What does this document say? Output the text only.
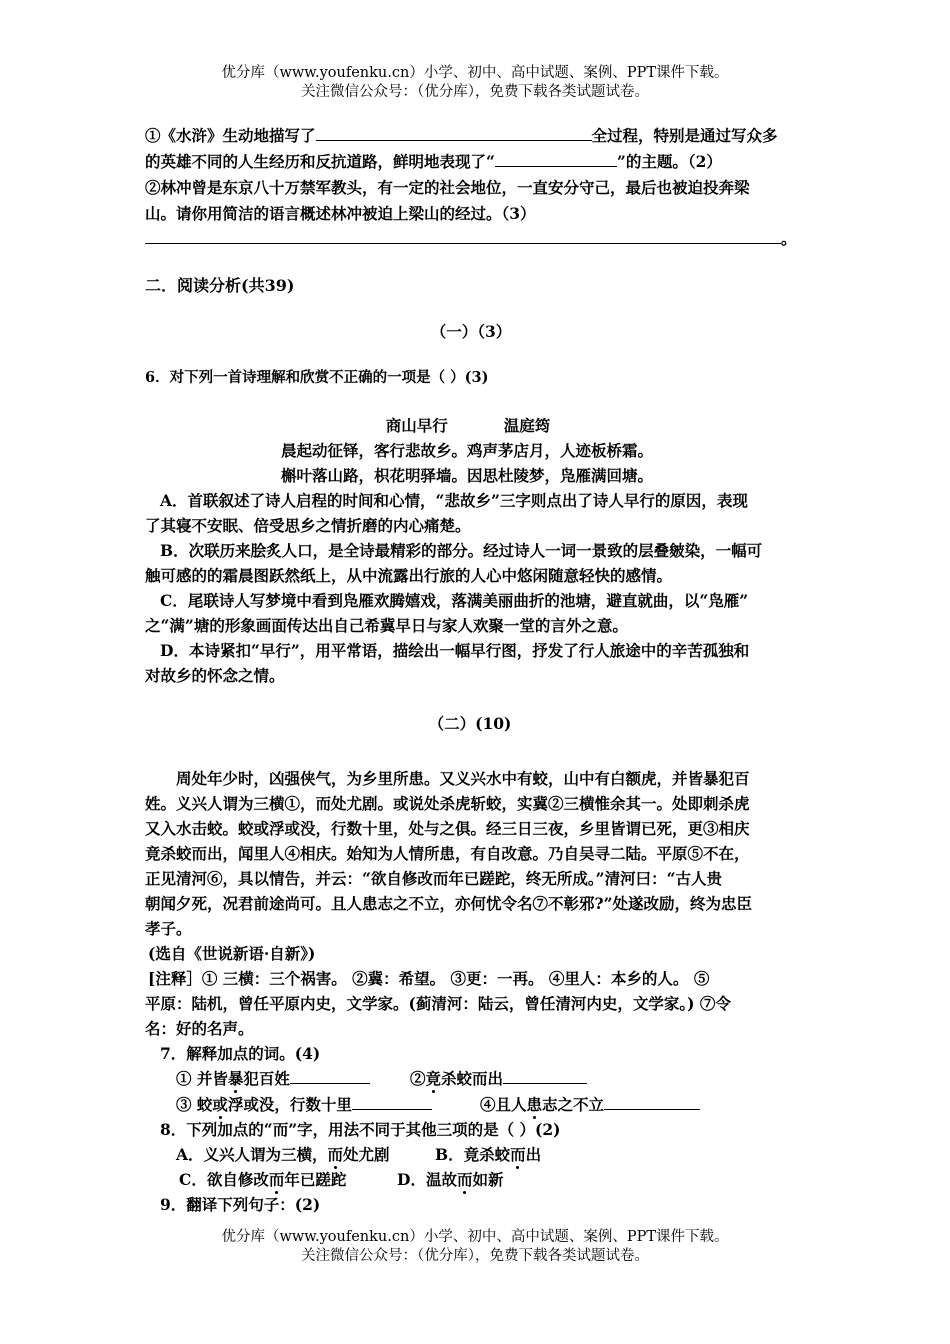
优分库（www.youfenku.cn）小学、初中、高中试题、案例、PPT课件下载。
关注微信公众号：（优分库），免费下载各类试题试卷。
①《水浒》生动地描写了	全过程，特别是通过写众多
的英雄不同的人生经历和反抗道路，鲜明地表现了“	”的主题。（2）
②林冲曾是东京八十万禁军教头，有一定的社会地位，一直安分守己，最后也被迫投奔梁
山。请你用简洁的语言概述林冲被迫上梁山的经过。（3）
。
二．阅读分析(共39)
（一）（3）
6．对下列一首诗理解和欣赏不正确的一项是（ ）(3)
商山早行	温庭筠
晨起动征铎，客行悲故乡。鸡声茅店月，人迹板桥霜。
槲叶落山路，枳花明驿墙。因思杜陵梦，凫雁满回塘。
A．首联叙述了诗人启程的时间和心情，“悲故乡”三字则点出了诗人早行的原因，表现
了其寝不安眠、倍受思乡之情折磨的内心痛楚。
B．次联历来脍炙人口，是全诗最精彩的部分。经过诗人一词一景致的层叠皴染，一幅可
触可感的的霜晨图跃然纸上，从中流露出行旅的人心中悠闲随意轻快的感情。
C．尾联诗人写梦境中看到凫雁欢腾嬉戏，落满美丽曲折的池塘，避直就曲，以“凫雁”
之“满”塘的形象画面传达出自己希冀早日与家人欢聚一堂的言外之意。
D．本诗紧扣“早行”，用平常语，描绘出一幅早行图，抒发了行人旅途中的辛苦孤独和
对故乡的怀念之情。
（二）(10)
周处年少时，凶强侠气，为乡里所患。又义兴水中有蛟，山中有白额虎，并皆暴犯百
姓。义兴人谓为三横①，而处尤剧。或说处杀虎斩蛟，实冀②三横惟余其一。处即刺杀虎
又入水击蛟。蛟或浮或没，行数十里，处与之俱。经三日三夜，乡里皆谓已死，更③相庆
竟杀蛟而出，闻里人④相庆。始知为人情所患，有自改意。乃自吴寻二陆。平原⑤不在，
正见清河⑥，具以情告，并云：“欲自修改而年已蹉跎，终无所成。”清河曰：“古人贵
朝闻夕死，况君前途尚可。且人患志之不立，亦何忧令名⑦不彰邪?”处遂改励，终为忠臣
孝子。
(选自《世说新语·自新》)
[注释］① 三横：三个祸害。 ②冀：希望。 ③更：一再。 ④里人：本乡的人。 ⑤
平原：陆机，曾任平原内史，文学家。(蓟清河：陆云，曾任清河内史，文学家。) ⑦令
名：好的名声。
7．解释加点的词。(4)
① 并皆暴犯百姓	②竟杀蛟而出
③ 蛟或浮或没，行数十里	④且人患志之不立
8．下列加点的“而”字，用法不同于其他三项的是（ ）(2)
A．义兴人谓为三横，而处尤剧	B．竟杀蛟而出
C．欲自修改而年已蹉跎	D．温故而如新
9．翻译下列句子：(2)
优分库（www.youfenku.cn）小学、初中、高中试题、案例、PPT课件下载。
关注微信公众号：（优分库），免费下载各类试题试卷。
